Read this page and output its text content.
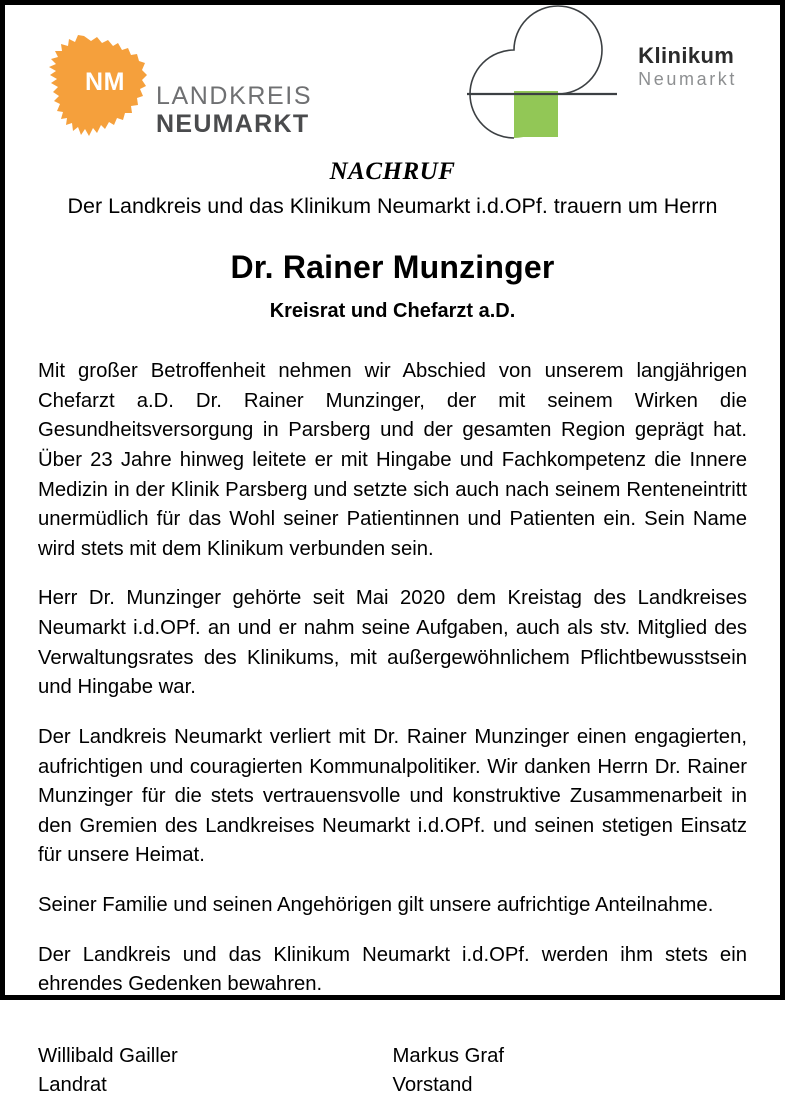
NM	LANDKREIS
NEUMARKT
Klinikum
Neumarkt
NACHRUF
Der Landkreis und das Klinikum Neumarkt i.d.OPf. trauern um Herrn
Dr. Rainer Munzinger
Kreisrat und Chefarzt a.D.

Mit großer Betroffenheit nehmen wir Abschied von unserem langjährigen Chefarzt a.D. Dr. Rainer Munzinger, der mit seinem Wirken die Gesundheitsversorgung in Parsberg und der gesamten Region geprägt hat. Über 23 Jahre hinweg leitete er mit Hingabe und Fachkompetenz die Innere Medizin in der Klinik Parsberg und setzte sich auch nach seinem Renteneintritt unermüdlich für das Wohl seiner Patientinnen und Patienten ein. Sein Name wird stets mit dem Klinikum verbunden sein.

Herr Dr. Munzinger gehörte seit Mai 2020 dem Kreistag des Landkreises Neumarkt i.d.OPf. an und er nahm seine Aufgaben, auch als stv. Mitglied des Verwaltungsrates des Klinikums, mit außergewöhnlichem Pflichtbewusstsein und Hingabe war.

Der Landkreis Neumarkt verliert mit Dr. Rainer Munzinger einen engagierten, aufrichtigen und couragierten Kommunalpolitiker. Wir danken Herrn Dr. Rainer Munzinger für die stets vertrauensvolle und konstruktive Zusammenarbeit in den Gremien des Landkreises Neumarkt i.d.OPf. und seinen stetigen Einsatz für unsere Heimat.

Seiner Familie und seinen Angehörigen gilt unsere aufrichtige Anteilnahme.

Der Landkreis und das Klinikum Neumarkt i.d.OPf. werden ihm stets ein ehrendes Gedenken bewahren.

Willibald Gailler
Landrat
Markus Graf
Vorstand
